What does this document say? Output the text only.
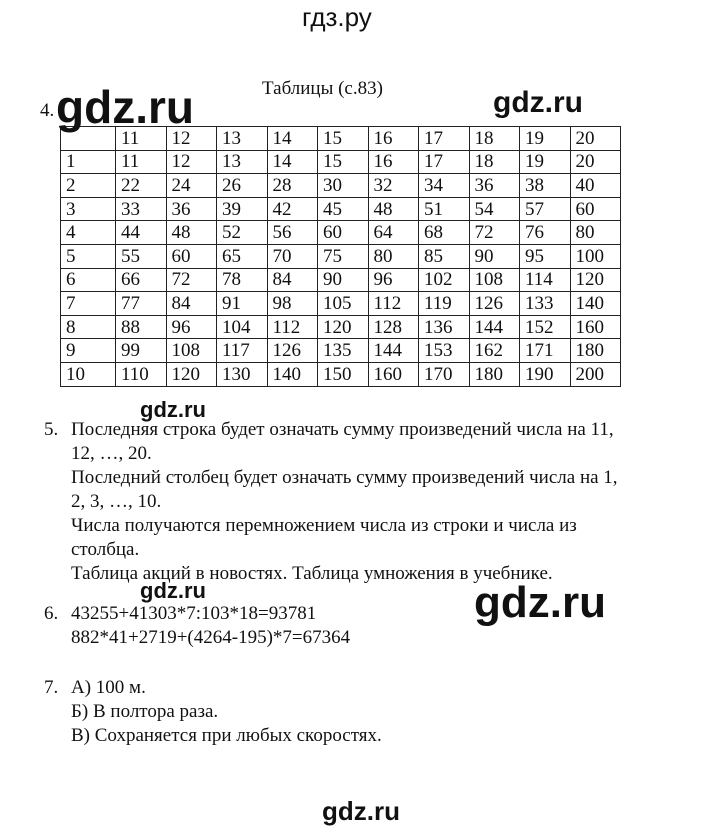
гдз.ру
Таблицы (с.83)
4.
	11	12	13	14	15	16	17	18	19	20
1	11	12	13	14	15	16	17	18	19	20
2	22	24	26	28	30	32	34	36	38	40
3	33	36	39	42	45	48	51	54	57	60
4	44	48	52	56	60	64	68	72	76	80
5	55	60	65	70	75	80	85	90	95	100
6	66	72	78	84	90	96	102	108	114	120
7	77	84	91	98	105	112	119	126	133	140
8	88	96	104	112	120	128	136	144	152	160
9	99	108	117	126	135	144	153	162	171	180
10	110	120	130	140	150	160	170	180	190	200
gdz.ru	gdz.ru
gdz.ru
5. Последняя строка будет означать сумму произведений числа на 11,
12, …, 20.
Последний столбец будет означать сумму произведений числа на 1,
2, 3, …, 10.
Числа получаются перемножением числа из строки и числа из
столбца.
Таблица акций в новостях. Таблица умножения в учебнике.
6. 43255+41303*7:103*18=93781
882*41+2719+(4264-195)*7=67364
gdz.ru	gdz.ru
7. А) 100 м.
Б) В полтора раза.
В) Сохраняется при любых скоростях.
gdz.ru
